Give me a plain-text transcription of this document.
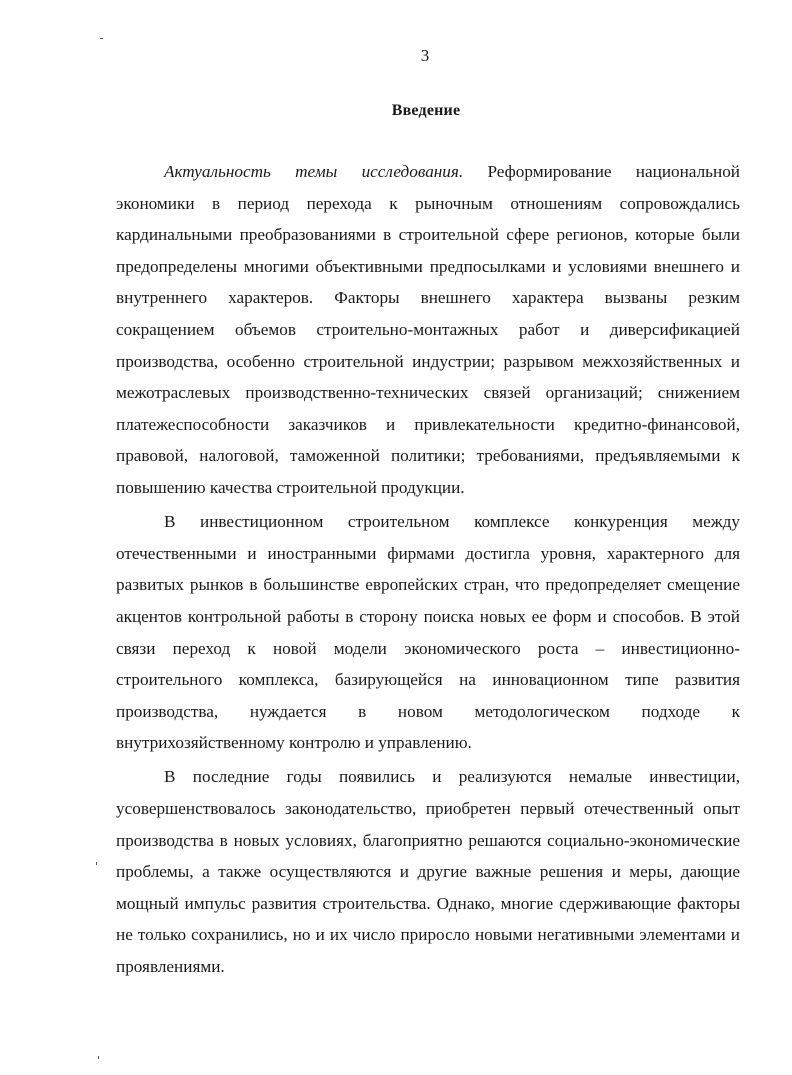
3
Введение

Актуальность темы исследования. Реформирование национальной экономики в период перехода к рыночным отношениям сопровождались кардинальными преобразованиями в строительной сфере регионов, которые были предопределены многими объективными предпосылками и условиями внешнего и внутреннего характеров. Факторы внешнего характера вызваны резким сокращением объемов строительно-монтажных работ и диверсификацией производства, особенно строительной индустрии; разрывом межхозяйственных и межотраслевых производственно-технических связей организаций; снижением платежеспособности заказчиков и привлекательности кредитно-финансовой, правовой, налоговой, таможенной политики; требованиями, предъявляемыми к повышению качества строительной продукции.

В инвестиционном строительном комплексе конкуренция между отечественными и иностранными фирмами достигла уровня, характерного для развитых рынков в большинстве европейских стран, что предопределяет смещение акцентов контрольной работы в сторону поиска новых ее форм и способов. В этой связи переход к новой модели экономического роста – инвестиционно-строительного комплекса, базирующейся на инновационном типе развития производства, нуждается в новом методологическом подходе к внутрихозяйственному контролю и управлению.

В последние годы появились и реализуются немалые инвестиции, усовершенствовалось законодательство, приобретен первый отечественный опыт производства в новых условиях, благоприятно решаются социально-экономические проблемы, а также осуществляются и другие важные решения и меры, дающие мощный импульс развития строительства. Однако, многие сдерживающие факторы не только сохранились, но и их число приросло новыми негативными элементами и проявлениями.
